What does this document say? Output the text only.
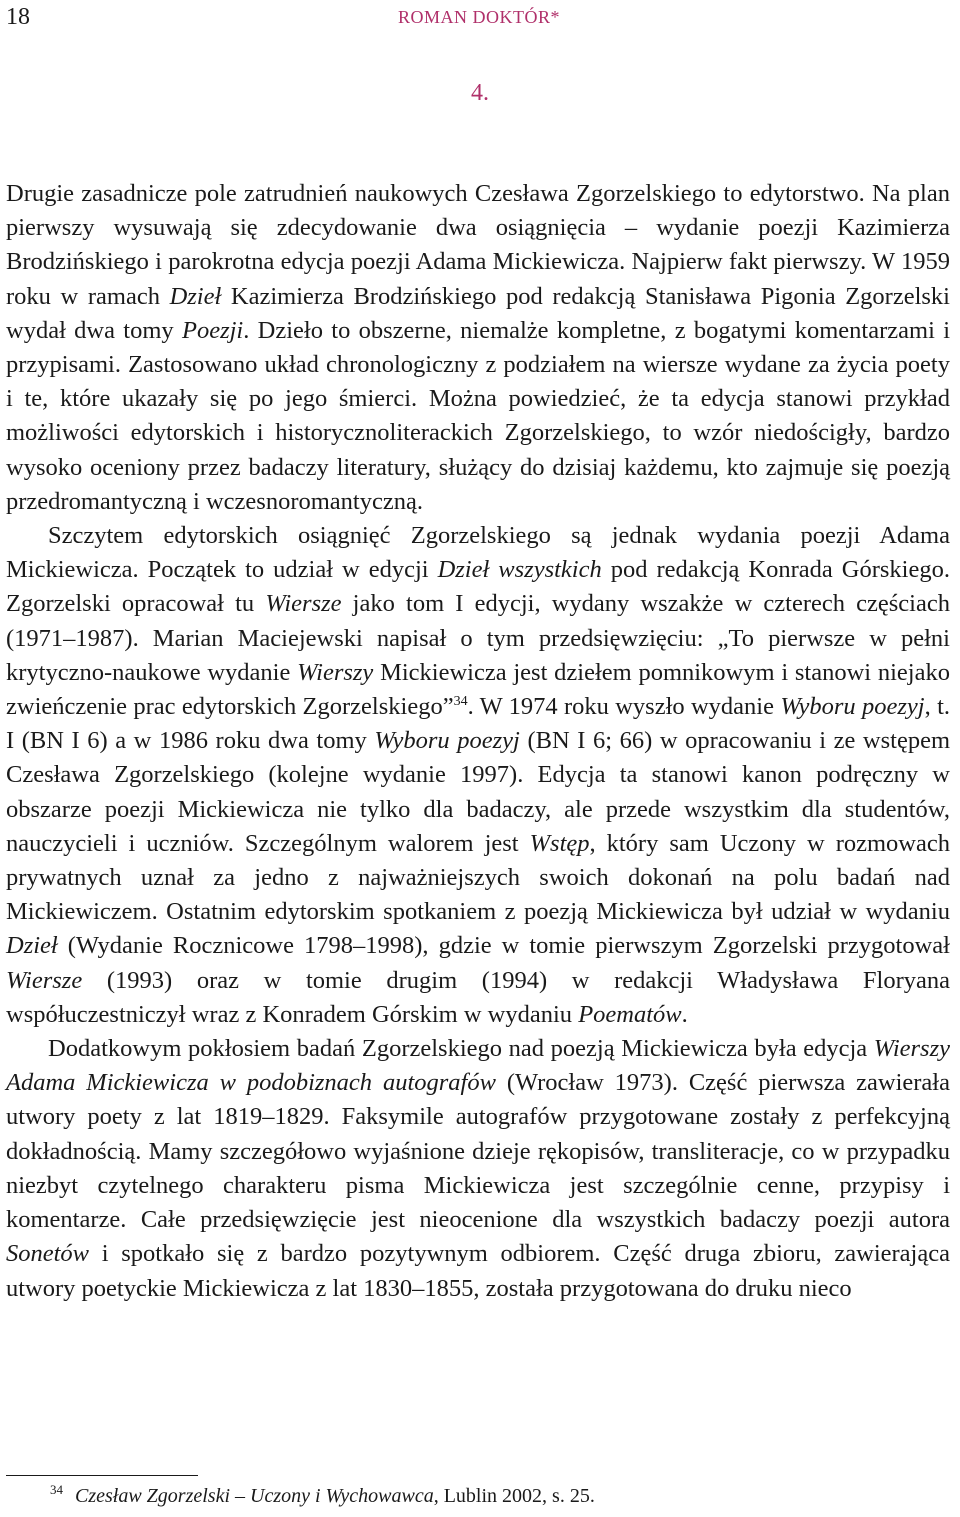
18	ROMAN DOKTÓR*
4.

Drugie zasadnicze pole zatrudnień naukowych Czesława Zgorzelskiego to edytorstwo. Na plan pierwszy wysuwają się zdecydowanie dwa osiągnięcia – wydanie poezji Kazimierza Brodzińskiego i parokrotna edycja poezji Adama Mickiewicza. Najpierw fakt pierwszy. W 1959 roku w ramach Dzieł Kazimierza Brodzińskiego pod redakcją Stanisława Pigonia Zgorzelski wydał dwa tomy Poezji. Dzieło to obszerne, niemalże kompletne, z bogatymi komentarzami i przypisami. Zastosowano układ chronologiczny z podziałem na wiersze wydane za życia poety i te, które ukazały się po jego śmierci. Można powiedzieć, że ta edycja stanowi przykład możliwości edytorskich i historycznoliterackich Zgorzelskiego, to wzór niedościgły, bardzo wysoko oceniony przez badaczy literatury, służący do dzisiaj każdemu, kto zajmuje się poezją przedromantyczną i wczesnoromantyczną.

Szczytem edytorskich osiągnięć Zgorzelskiego są jednak wydania poezji Adama Mickiewicza. Początek to udział w edycji Dzieł wszystkich pod redakcją Konrada Górskiego. Zgorzelski opracował tu Wiersze jako tom I edycji, wydany wszakże w czterech częściach (1971–1987). Marian Maciejewski napisał o tym przedsięwzięciu: „To pierwsze w pełni krytyczno-naukowe wydanie Wierszy Mickiewicza jest dziełem pomnikowym i stanowi niejako zwieńczenie prac edytorskich Zgorzelskiego”$^{34}$. W 1974 roku wyszło wydanie Wyboru poezyj, t. I (BN I 6) a w 1986 roku dwa tomy Wyboru poezyj (BN I 6; 66) w opracowaniu i ze wstępem Czesława Zgorzelskiego (kolejne wydanie 1997). Edycja ta stanowi kanon podręczny w obszarze poezji Mickiewicza nie tylko dla badaczy, ale przede wszystkim dla studentów, nauczycieli i uczniów. Szczególnym walorem jest Wstęp, który sam Uczony w rozmowach prywatnych uznał za jedno z najważniejszych swoich dokonań na polu badań nad Mickiewiczem. Ostatnim edytorskim spotkaniem z poezją Mickiewicza był udział w wydaniu Dzieł (Wydanie Rocznicowe 1798–1998), gdzie w tomie pierwszym Zgorzelski przygotował Wiersze (1993) oraz w tomie drugim (1994) w redakcji Władysława Floryana współuczestniczył wraz z Konradem Górskim w wydaniu Poematów.

Dodatkowym pokłosiem badań Zgorzelskiego nad poezją Mickiewicza była edycja Wierszy Adama Mickiewicza w podobiznach autografów (Wrocław 1973). Część pierwsza zawierała utwory poety z lat 1819–1829. Faksymile autografów przygotowane zostały z perfekcyjną dokładnością. Mamy szczegółowo wyjaśnione dzieje rękopisów, transliteracje, co w przypadku niezbyt czytelnego charakteru pisma Mickiewicza jest szczególnie cenne, przypisy i komentarze. Całe przedsięwzięcie jest nieocenione dla wszystkich badaczy poezji autora Sonetów i spotkało się z bardzo pozytywnym odbiorem. Część druga zbioru, zawierająca utwory poetyckie Mickiewicza z lat 1830–1855, została przygotowana do druku nieco

$^{34}$ Czesław Zgorzelski – Uczony i Wychowawca, Lublin 2002, s. 25.
